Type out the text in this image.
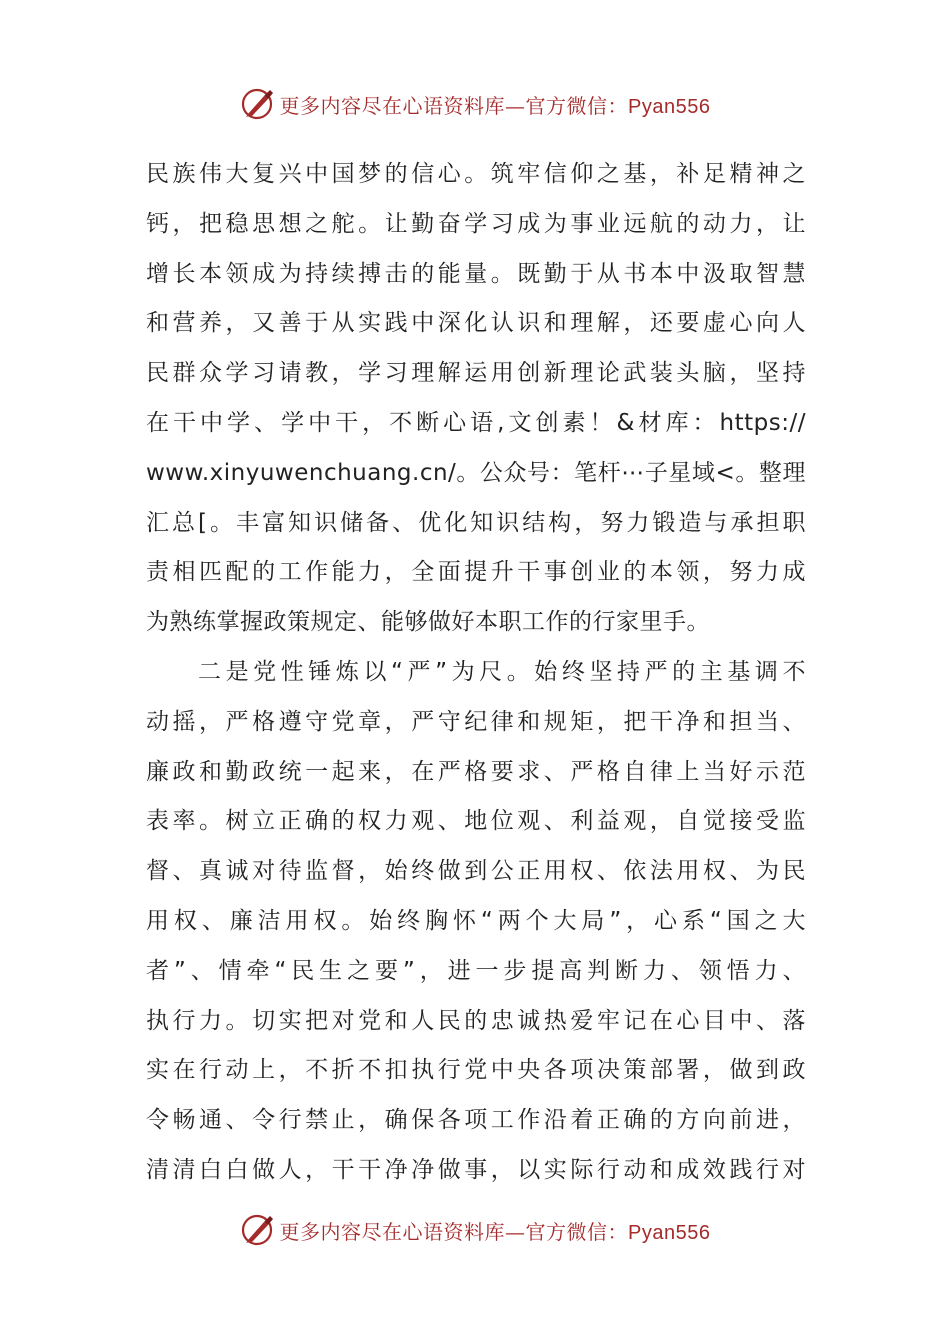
更多内容尽在心语资料库—官方微信：Pyan556
民族伟大复兴中国梦的信心。筑牢信仰之基，补足精神之
钙，把稳思想之舵。让勤奋学习成为事业远航的动力，让
增长本领成为持续搏击的能量。既勤于从书本中汲取智慧
和营养，又善于从实践中深化认识和理解，还要虚心向人
民群众学习请教，学习理解运用创新理论武装头脑，坚持
在干中学、学中干，不断心语,文创素！&材库：https://
www.xinyuwenchuang.cn/。公众号：笔杆⋯子星域<。整理
汇总[。丰富知识储备、优化知识结构，努力锻造与承担职
责相匹配的工作能力，全面提升干事创业的本领，努力成
为熟练掌握政策规定、能够做好本职工作的行家里手。
二是党性锤炼以“严”为尺。始终坚持严的主基调不
动摇，严格遵守党章，严守纪律和规矩，把干净和担当、
廉政和勤政统一起来，在严格要求、严格自律上当好示范
表率。树立正确的权力观、地位观、利益观，自觉接受监
督、真诚对待监督，始终做到公正用权、依法用权、为民
用权、廉洁用权。始终胸怀“两个大局”，心系“国之大
者”、情牵“民生之要”，进一步提高判断力、领悟力、
执行力。切实把对党和人民的忠诚热爱牢记在心目中、落
实在行动上，不折不扣执行党中央各项决策部署，做到政
令畅通、令行禁止，确保各项工作沿着正确的方向前进，
清清白白做人，干干净净做事，以实际行动和成效践行对
更多内容尽在心语资料库—官方微信：Pyan556
